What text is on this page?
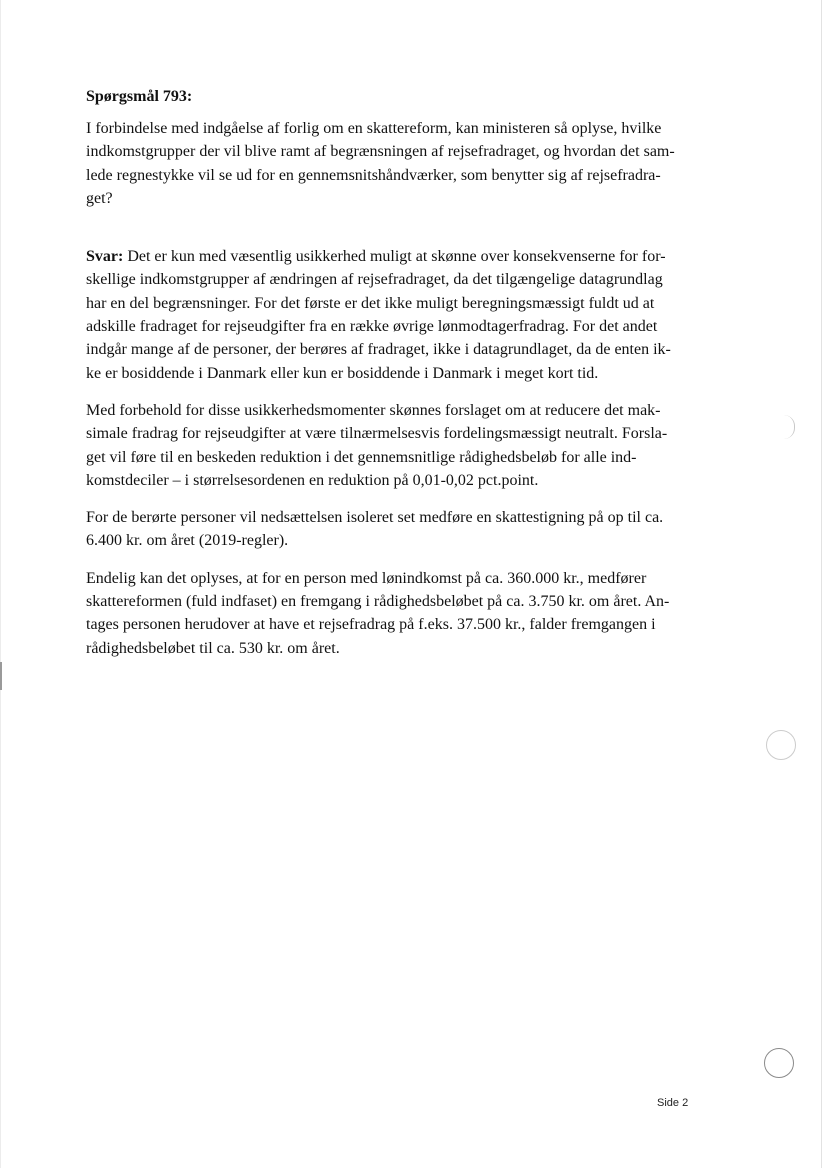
Spørgsmål 793:

I forbindelse med indgåelse af forlig om en skattereform, kan ministeren så oplyse, hvilke
indkomstgrupper der vil blive ramt af begrænsningen af rejsefradraget, og hvordan det sam-
lede regnestykke vil se ud for en gennemsnitshåndværker, som benytter sig af rejsefradra-
get?

Svar: Det er kun med væsentlig usikkerhed muligt at skønne over konsekvenserne for for-
skellige indkomstgrupper af ændringen af rejsefradraget, da det tilgængelige datagrundlag
har en del begrænsninger. For det første er det ikke muligt beregningsmæssigt fuldt ud at
adskille fradraget for rejseudgifter fra en række øvrige lønmodtagerfradrag. For det andet
indgår mange af de personer, der berøres af fradraget, ikke i datagrundlaget, da de enten ik-
ke er bosiddende i Danmark eller kun er bosiddende i Danmark i meget kort tid.

Med forbehold for disse usikkerhedsmomenter skønnes forslaget om at reducere det mak-
simale fradrag for rejseudgifter at være tilnærmelsesvis fordelingsmæssigt neutralt. Forsla-
get vil føre til en beskeden reduktion i det gennemsnitlige rådighedsbeløb for alle ind-
komstdeciler – i størrelsesordenen en reduktion på 0,01-0,02 pct.point.

For de berørte personer vil nedsættelsen isoleret set medføre en skattestigning på op til ca.
6.400 kr. om året (2019-regler).

Endelig kan det oplyses, at for en person med lønindkomst på ca. 360.000 kr., medfører
skattereformen (fuld indfaset) en fremgang i rådighedsbeløbet på ca. 3.750 kr. om året. An-
tages personen herudover at have et rejsefradrag på f.eks. 37.500 kr., falder fremgangen i
rådighedsbeløbet til ca. 530 kr. om året.

Side 2
